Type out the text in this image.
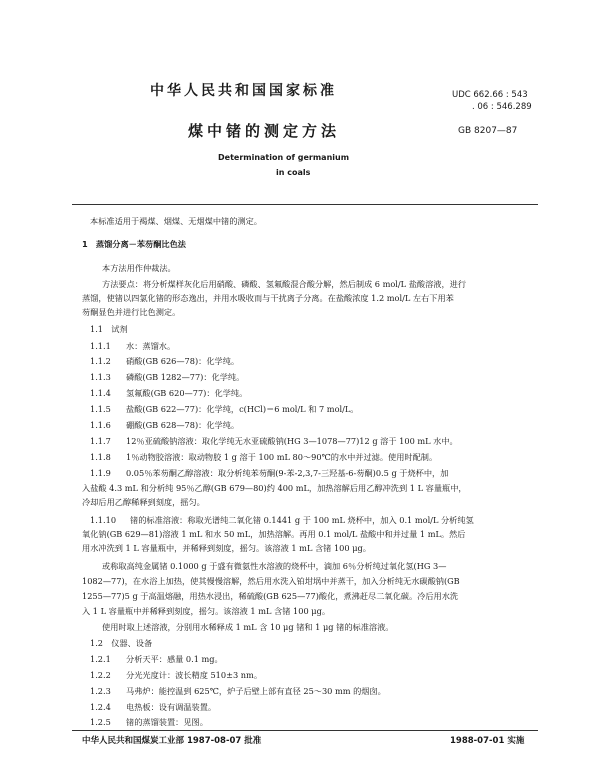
中华人民共和国国家标准	UDC 662.66 : 543
. 06 : 546.289
煤中锗的测定方法	GB 8207—87
Determination of germanium
in coals
本标准适用于褐煤、烟煤、无烟煤中锗的测定。
1　蒸馏分离－苯芴酮比色法
本方法用作仲裁法。
方法要点：将分析煤样灰化后用硝酸、磷酸、氢氟酸混合酸分解，然后制成 6 mol/L 盐酸溶液，进行
蒸馏，使锗以四氯化锗的形态逸出，并用水吸收而与干扰离子分离。在盐酸浓度 1.2 mol/L 左右下用苯
芴酮显色并进行比色测定。
1.1　试剂
1.1.1 水：蒸馏水。
1.1.2 硝酸(GB 626—78)：化学纯。
1.1.3 磷酸(GB 1282—77)：化学纯。
1.1.4 氢氟酸(GB 620—77)：化学纯。
1.1.5 盐酸(GB 622—77)：化学纯，c(HCl)＝6 mol/L 和 7 mol/L。
1.1.6 硼酸(GB 628—78)：化学纯。
1.1.7 12％亚硫酸钠溶液：取化学纯无水亚硫酸钠(HG 3—1078—77)12 g 溶于 100 mL 水中。
1.1.8 1％动物胶溶液：取动物胶 1 g 溶于 100 mL 80～90℃的水中并过滤。使用时配制。
1.1.9 0.05％苯芴酮乙醇溶液：取分析纯苯芴酮(9-苯-2,3,7-三羟基-6-芴酮)0.5 g 于烧杯中，加
入盐酸 4.3 mL 和分析纯 95％乙醇(GB 679—80)约 400 mL，加热溶解后用乙醇冲洗到 1 L 容量瓶中，
冷却后用乙醇稀释到刻度，摇匀。
1.1.10 锗的标准溶液：称取光谱纯二氧化锗 0.1441 g 于 100 mL 烧杯中，加入 0.1 mol/L 分析纯氢
氧化钠(GB 629—81)溶液 1 mL 和水 50 mL，加热溶解。再用 0.1 mol/L 盐酸中和并过量 1 mL。然后
用水冲洗到 1 L 容量瓶中，并稀释到刻度，摇匀。该溶液 1 mL 含锗 100 μg。
或称取高纯金属锗 0.1000 g 于盛有微氨性水溶液的烧杯中，滴加 6％分析纯过氧化氢(HG 3—
1082—77)，在水浴上加热，使其慢慢溶解，然后用水洗入铂坩埚中并蒸干，加入分析纯无水碳酸钠(GB
1255—77)5 g 于高温熔融，用热水浸出，稀硫酸(GB 625—77)酸化，煮沸赶尽二氧化碳。冷后用水洗
入 1 L 容量瓶中并稀释到刻度，摇匀。该溶液 1 mL 含锗 100 μg。
使用时取上述溶液，分别用水稀释成 1 mL 含 10 μg 锗和 1 μg 锗的标准溶液。
1.2　仪器、设备
1.2.1 分析天平：感量 0.1 mg。
1.2.2 分光光度计：波长精度 510±3 nm。
1.2.3 马弗炉：能控温到 625℃，炉子后壁上部有直径 25～30 mm 的烟囱。
1.2.4 电热板：设有调温装置。
1.2.5 锗的蒸馏装置：见图。
中华人民共和国煤炭工业部 1987-08-07 批准	1988-07-01 实施
